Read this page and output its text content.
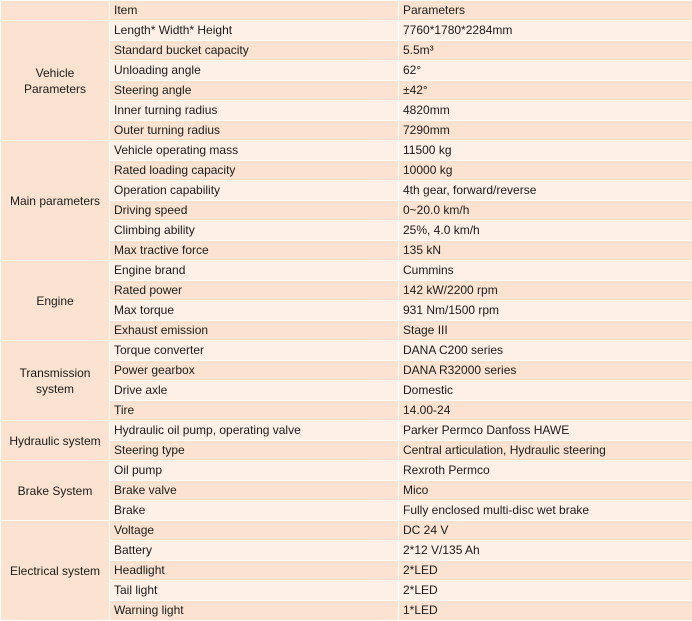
	Item	Parameters
Vehicle Parameters	Length* Width* Height	7760*1780*2284mm
	Standard bucket capacity	5.5m³
	Unloading angle	62°
	Steering angle	±42°
	Inner turning radius	4820mm
	Outer turning radius	7290mm
Main parameters	Vehicle operating mass	11500 kg
	Rated loading capacity	10000 kg
	Operation capability	4th gear, forward/reverse
	Driving speed	0~20.0 km/h
	Climbing ability	25%, 4.0 km/h
	Max tractive force	135 kN
Engine	Engine brand	Cummins
	Rated power	142 kW/2200 rpm
	Max torque	931 Nm/1500 rpm
	Exhaust emission	Stage III
Transmission system	Torque converter	DANA C200 series
	Power gearbox	DANA R32000 series
	Drive axle	Domestic
	Tire	14.00-24
Hydraulic system	Hydraulic oil pump, operating valve	Parker Permco Danfoss HAWE
	Steering type	Central articulation, Hydraulic steering
Brake System	Oil pump	Rexroth Permco
	Brake valve	Mico
	Brake	Fully enclosed multi-disc wet brake
Electrical system	Voltage	DC 24 V
	Battery	2*12 V/135 Ah
	Headlight	2*LED
	Tail light	2*LED
	Warning light	1*LED
